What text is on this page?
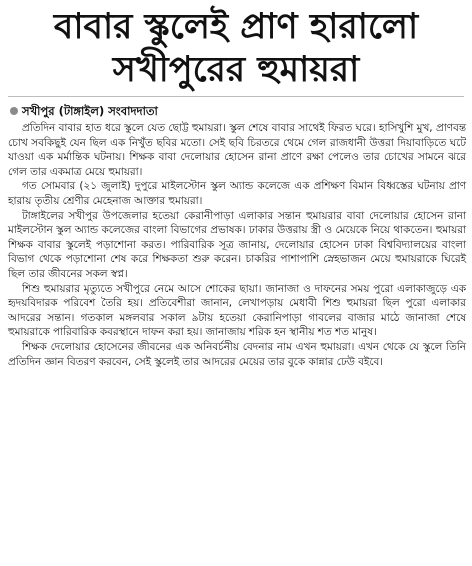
বাবার স্কুলেই প্রাণ হারালো
সখীপুরের হুমায়রা
সখীপুর (টাঙ্গাইল) সংবাদদাতা

প্রতিদিন বাবার হাত ধরে স্কুলে যেত ছোট্ট হুমায়রা। স্কুল শেষে বাবার সাথেই ফিরত ঘরে। হাসিখুশি মুখ, প্রাণবন্ত চোখ সবকিছুই যেন ছিল এক নিখুঁত ছবির মতো। সেই ছবি চিরতরে থেমে গেল রাজধানী উত্তরা দিয়াবাড়িতে ঘটে যাওয়া এক মর্মান্তিক ঘটনায়। শিক্ষক বাবা দেলোয়ার হোসেন রানা প্রাণে রক্ষা পেলেও তার চোখের সামনে ঝরে গেল তার একমাত্র মেয়ে হুমায়রা।

গত সোমবার (২১ জুলাই) দুপুরে মাইলস্টোন স্কুল অ্যান্ড কলেজে এক প্রশিক্ষণ বিমান বিধ্বস্তের ঘটনায় প্রাণ হারায় তৃতীয় শ্রেণীর মেহেনাজ আক্তার হুমায়রা।

টাঙ্গাইলের সখীপুর উপজেলার হতেয়া কেরানীপাড়া এলাকার সন্তান হুমায়রার বাবা দেলোয়ার হোসেন রানা মাইলস্টোন স্কুল অ্যান্ড কলেজের বাংলা বিভাগের প্রভাষক। ঢাকার উত্তরায় স্ত্রী ও মেয়েকে নিয়ে থাকতেন। হুমায়রা শিক্ষক বাবার স্কুলেই পড়াশোনা করত। পারিবারিক সূত্র জানায়, দেলোয়ার হোসেন ঢাকা বিশ্ববিদ্যালয়ের বাংলা বিভাগ থেকে পড়াশোনা শেষ করে শিক্ষকতা শুরু করেন। চাকরির পাশাপাশি স্নেহভাজন মেয়ে হুমায়রাকে ঘিরেই ছিল তার জীবনের সকল স্বপ্ন।

শিশু হুমায়রার মৃত্যুতে সখীপুরে নেমে আসে শোকের ছায়া। জানাজা ও দাফনের সময় পুরো এলাকাজুড়ে এক হৃদয়বিদারক পরিবেশ তৈরি হয়। প্রতিবেশীরা জানান, লেখাপড়ায় মেধাবী শিশু হুমায়রা ছিল পুরো এলাকার আদরের সন্তান। গতকাল মঙ্গলবার সকাল ৯টায় হতেয়া কেরানিপাড়া গাবলের বাজার মাঠে জানাজা শেষে হুমায়রাকে পারিবারিক কবরস্থানে দাফন করা হয়। জানাজায় শরিক হন স্থানীয় শত শত মানুষ।

শিক্ষক দেলোয়ার হোসেনের জীবনের এক অনিবর্চনীয় বেদনার নাম এখন হুমায়রা। এখন থেকে যে স্কুলে তিনি প্রতিদিন জ্ঞান বিতরণ করবেন, সেই স্কুলেই তার আদরের মেয়ের তার বুকে কান্নার ঢেউ বইবে।
